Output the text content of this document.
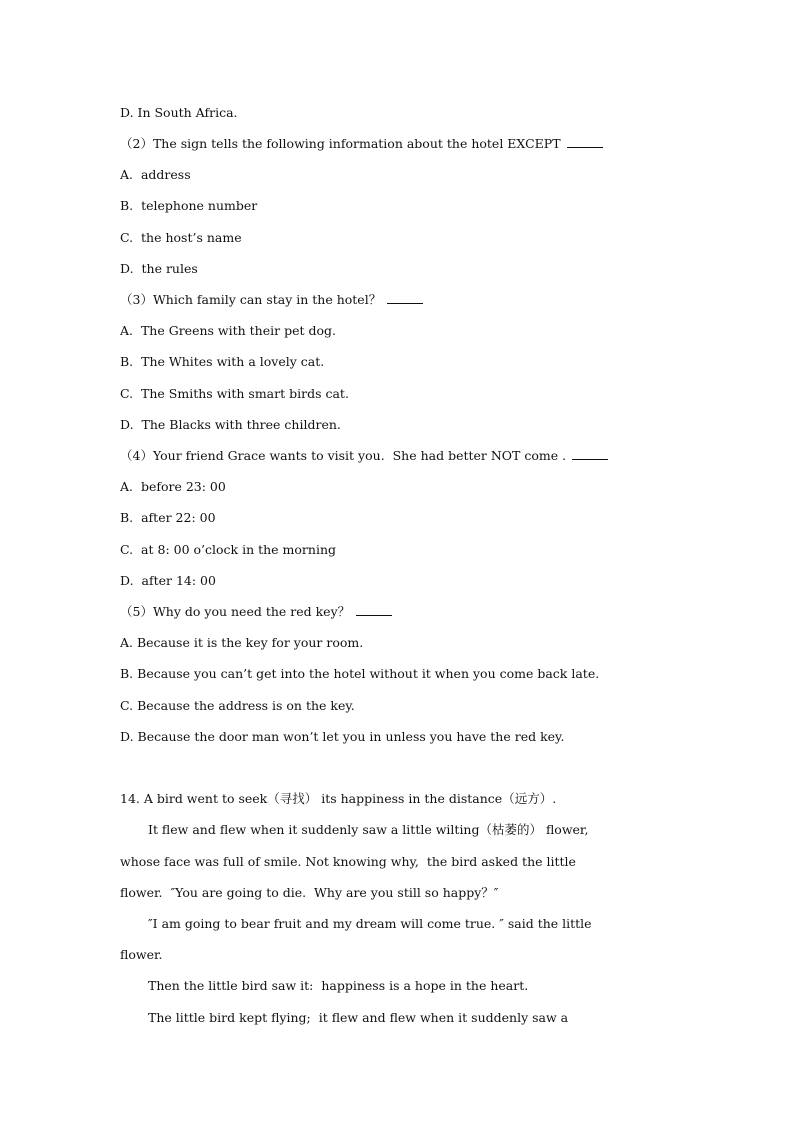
D. In South Africa.
（2）The sign tells the following information about the hotel EXCEPT
A.  address
B.  telephone number
C.  the host’s name
D.  the rules
（3）Which family can stay in the hotel？
A.  The Greens with their pet dog.
B.  The Whites with a lovely cat.
C.  The Smiths with smart birds cat.
D.  The Blacks with three children.
（4）Your friend Grace wants to visit you.  She had better NOT come .
A.  before 23: 00
B.  after 22: 00
C.  at 8: 00 o’clock in the morning
D.  after 14: 00
（5）Why do you need the red key？
A. Because it is the key for your room.
B. Because you can’t get into the hotel without it when you come back late.
C. Because the address is on the key.
D. Because the door man won’t let you in unless you have the red key.
14. A bird went to seek（寻找） its happiness in the distance（远方）.
It flew and flew when it suddenly saw a little wilting（枯萎的） flower,
whose face was full of smile. Not knowing why,  the bird asked the little
flower.  ″You are going to die.  Why are you still so happy？″
″I am going to bear fruit and my dream will come true. ″ said the little
flower.
Then the little bird saw it:  happiness is a hope in the heart.
The little bird kept flying;  it flew and flew when it suddenly saw a
